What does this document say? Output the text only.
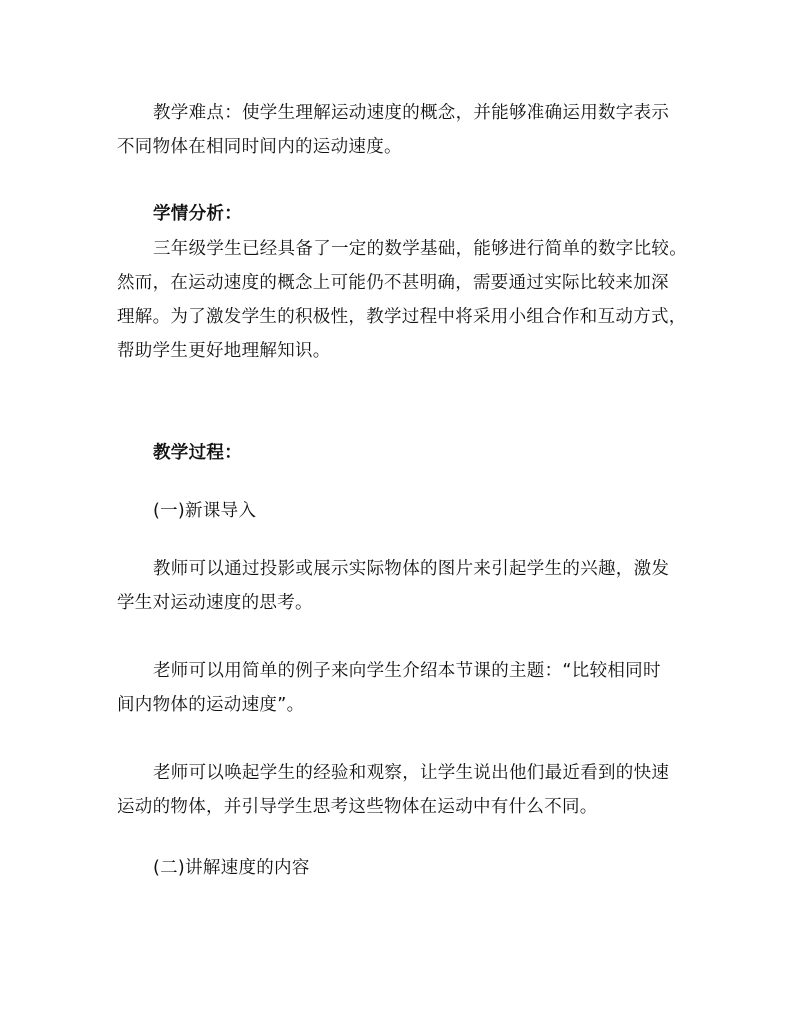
教学难点：使学生理解运动速度的概念，并能够准确运用数字表示
不同物体在相同时间内的运动速度。

学情分析：

三年级学生已经具备了一定的数学基础，能够进行简单的数字比较。
然而，在运动速度的概念上可能仍不甚明确，需要通过实际比较来加深
理解。为了激发学生的积极性，教学过程中将采用小组合作和互动方式，
帮助学生更好地理解知识。

教学过程：

(一)新课导入

教师可以通过投影或展示实际物体的图片来引起学生的兴趣，激发
学生对运动速度的思考。

老师可以用简单的例子来向学生介绍本节课的主题：“比较相同时
间内物体的运动速度”。

老师可以唤起学生的经验和观察，让学生说出他们最近看到的快速
运动的物体，并引导学生思考这些物体在运动中有什么不同。

(二)讲解速度的内容
